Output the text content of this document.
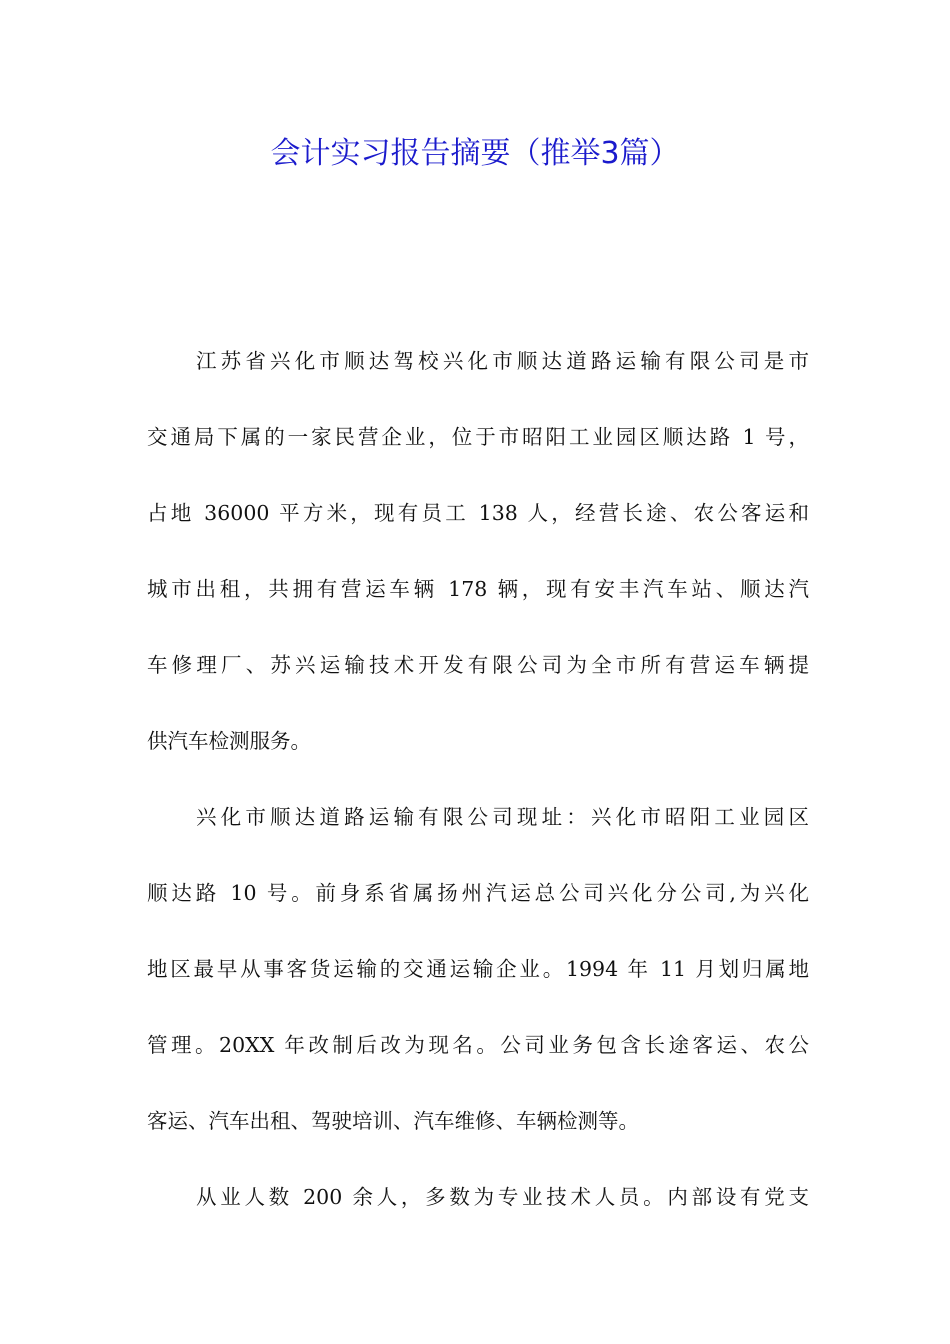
会计实习报告摘要（推举3篇）
江苏省兴化市顺达驾校兴化市顺达道路运输有限公司是市
交通局下属的一家民营企业，位于市昭阳工业园区顺达路 1 号，
占地 36000 平方米，现有员工 138 人，经营长途、农公客运和
城市出租，共拥有营运车辆 178 辆，现有安丰汽车站、顺达汽
车修理厂、苏兴运输技术开发有限公司为全市所有营运车辆提
供汽车检测服务。
兴化市顺达道路运输有限公司现址：兴化市昭阳工业园区
顺达路 10 号。前身系省属扬州汽运总公司兴化分公司,为兴化
地区最早从事客货运输的交通运输企业。1994 年 11 月划归属地
管理。20XX 年改制后改为现名。公司业务包含长途客运、农公
客运、汽车出租、驾驶培训、汽车维修、车辆检测等。
从业人数 200 余人，多数为专业技术人员。内部设有党支
